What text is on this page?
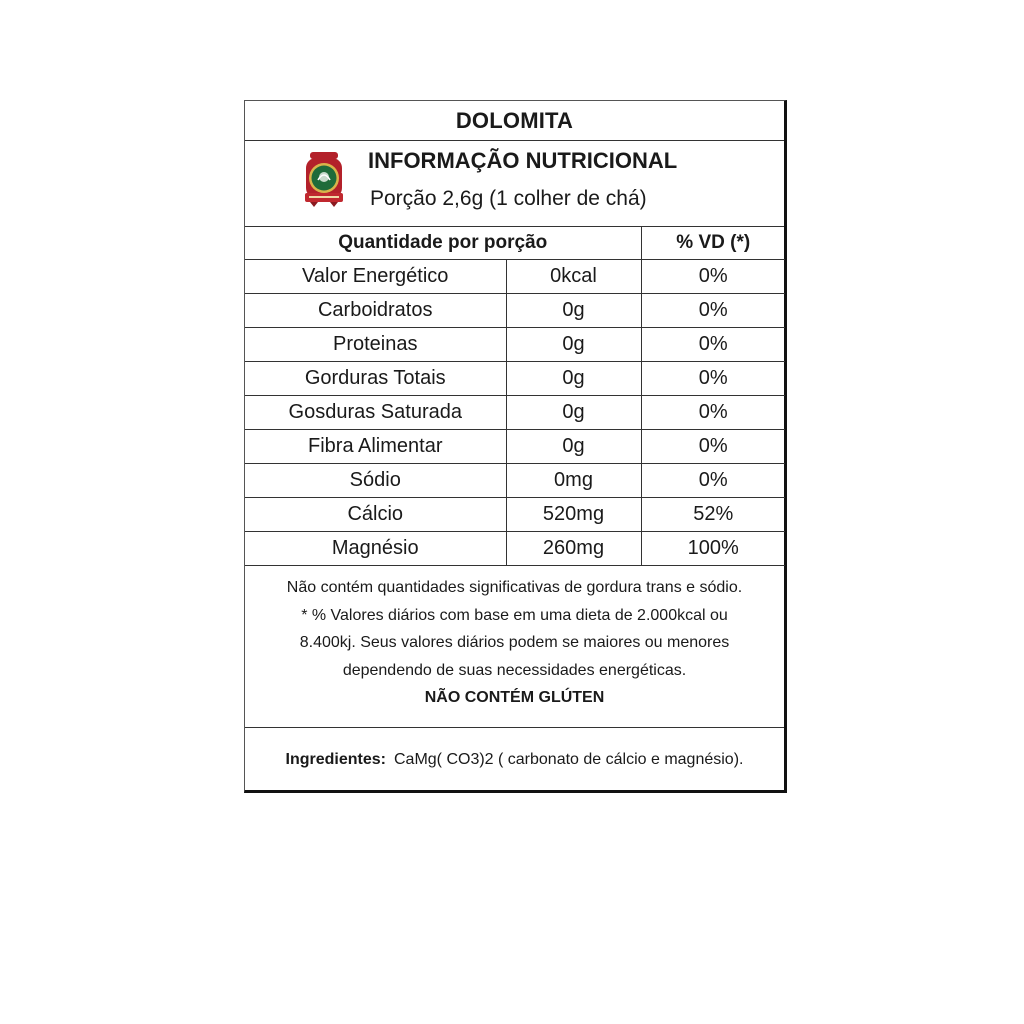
DOLOMITA
INFORMAÇÃO NUTRICIONAL
Porção 2,6g (1 colher de chá)
Quantidade por porção		% VD (*)
Valor Energético	0kcal	0%
Carboidratos	0g	0%
Proteinas	0g	0%
Gorduras Totais	0g	0%
Gosduras Saturada	0g	0%
Fibra Alimentar	0g	0%
Sódio	0mg	0%
Cálcio	520mg	52%
Magnésio	260mg	100%
Não contém quantidades significativas de gordura trans e sódio.
* % Valores diários com base em uma dieta de 2.000kcal ou
8.400kj. Seus valores diários podem se maiores ou menores
dependendo de suas necessidades energéticas.
NÃO CONTÉM GLÚTEN
Ingredientes: CaMg( CO3)2 ( carbonato de cálcio e magnésio).
